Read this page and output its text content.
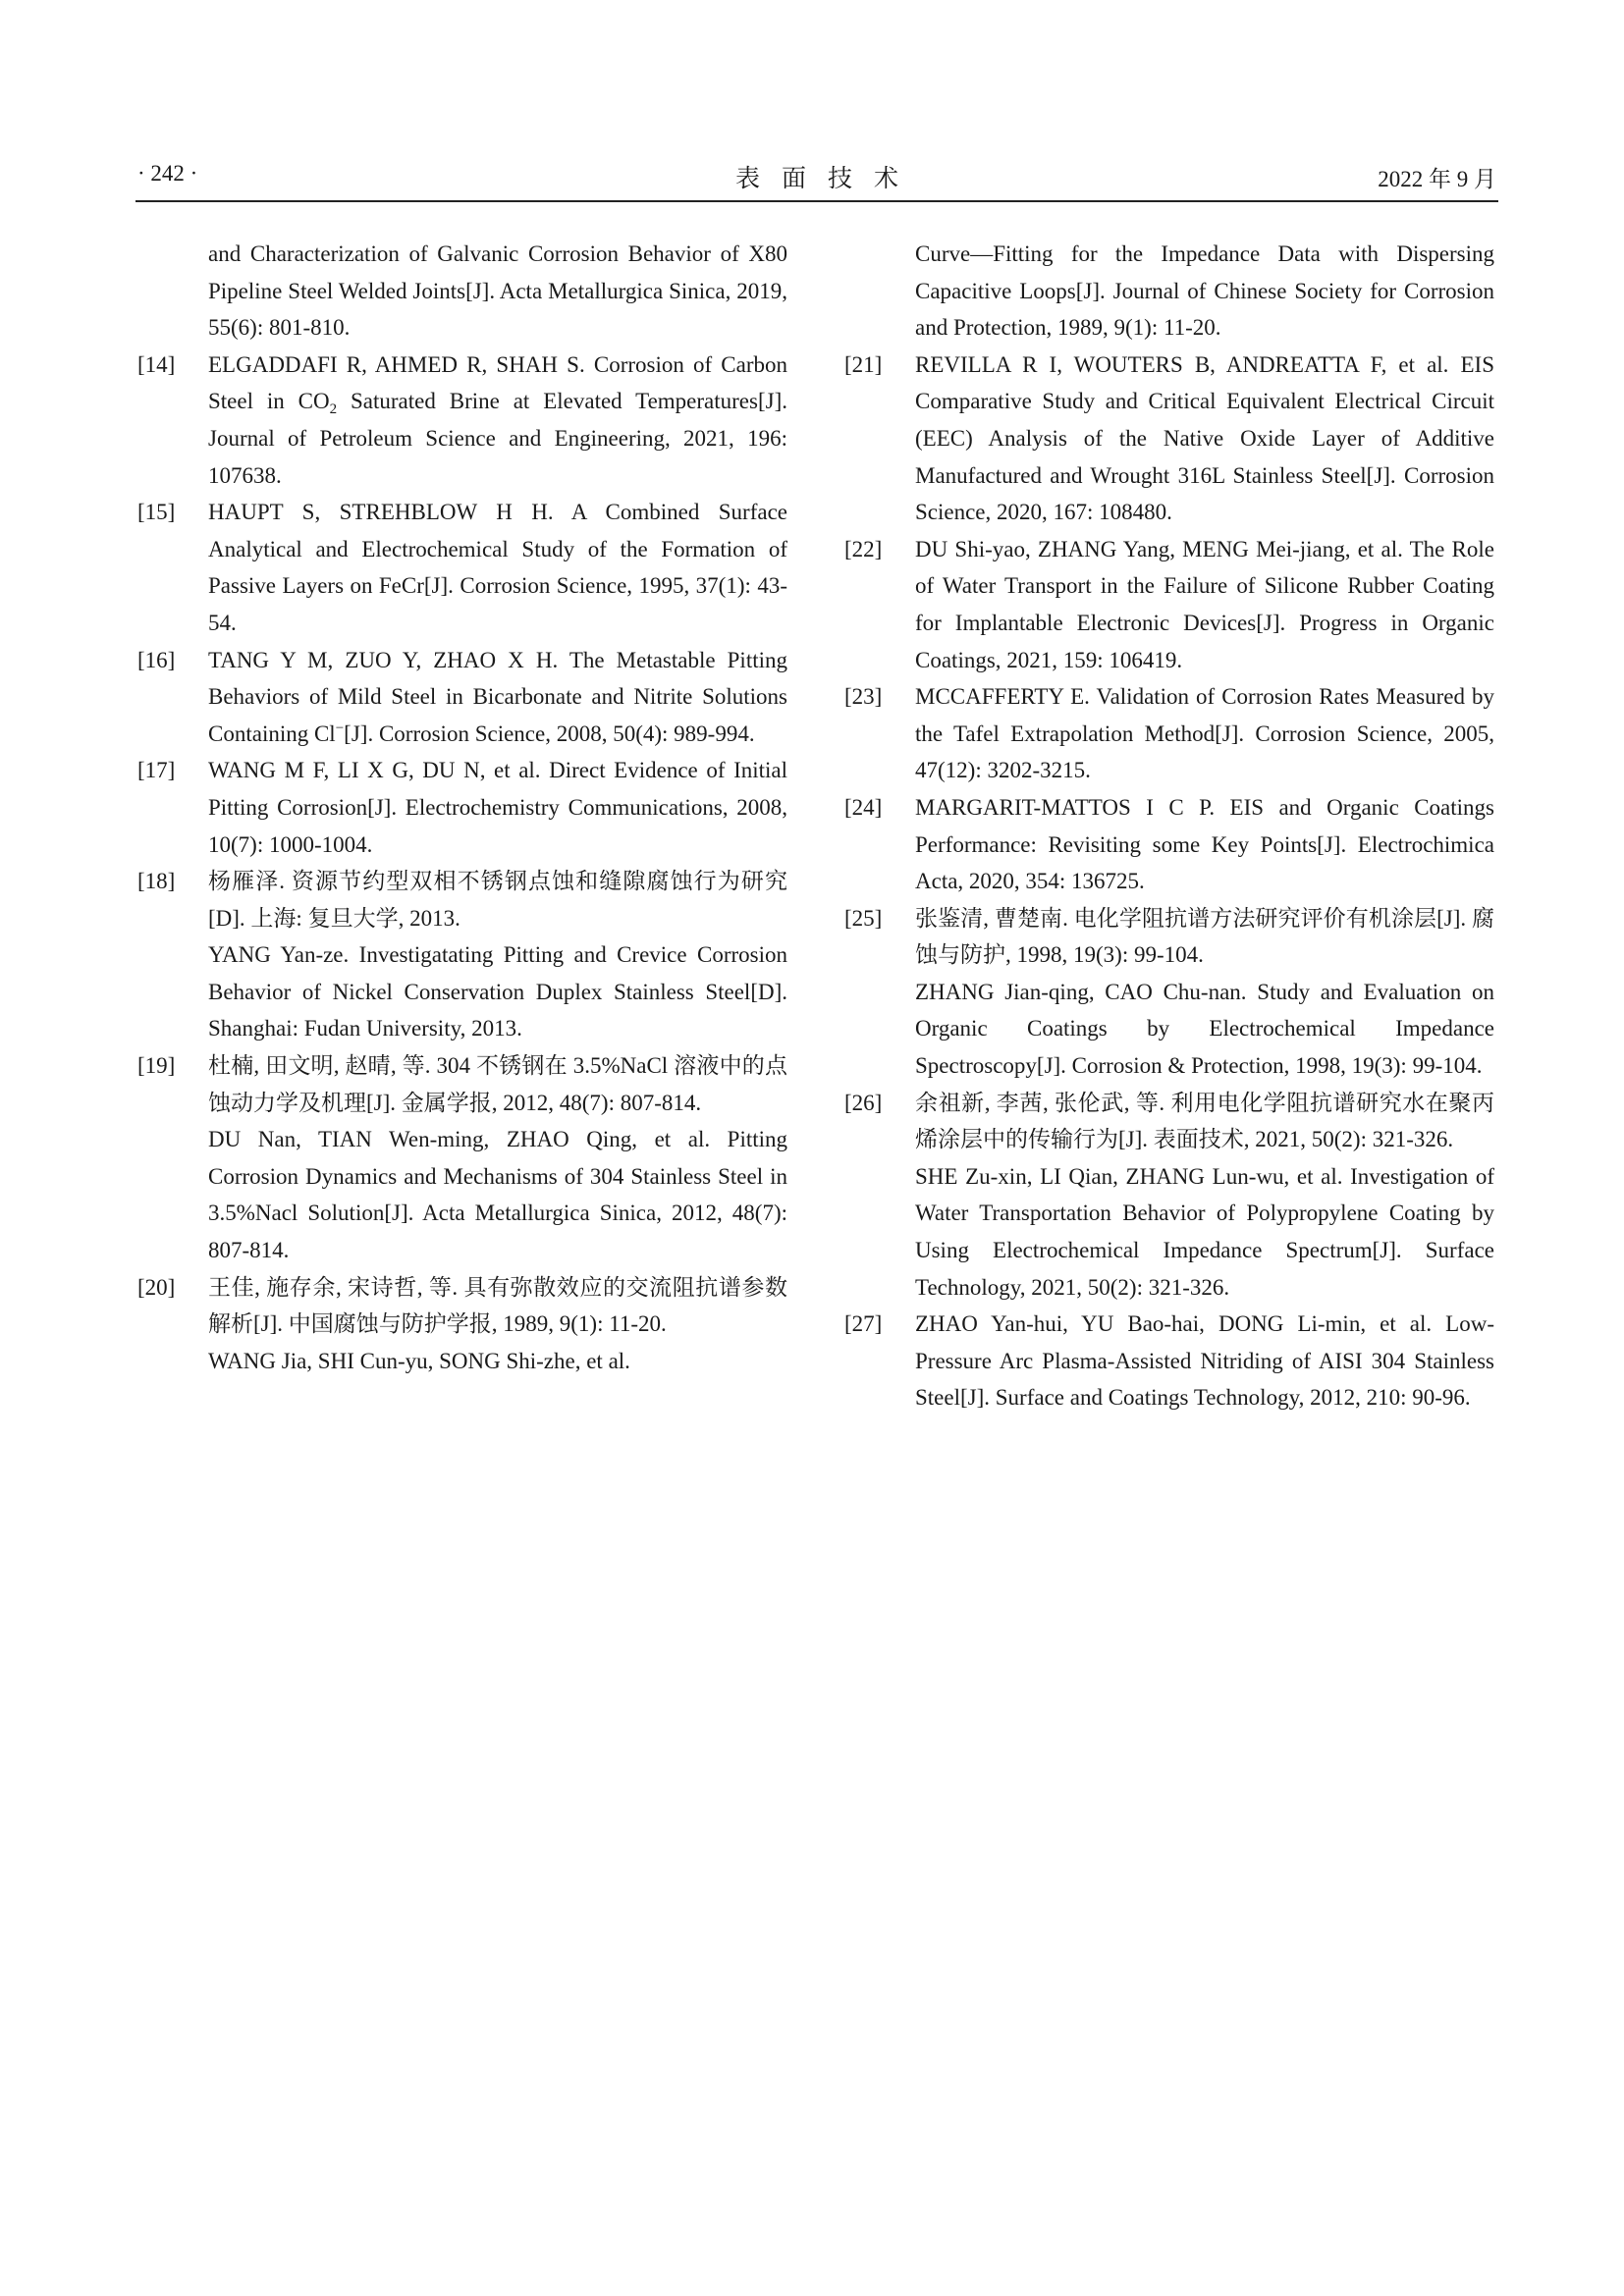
· 242 ·	表面技术	2022 年 9 月
and Characterization of Galvanic Corrosion Behavior of X80 Pipeline Steel Welded Joints[J]. Acta Metallurgica Sinica, 2019, 55(6): 801-810.
[14] ELGADDAFI R, AHMED R, SHAH S. Corrosion of Carbon Steel in $CO_2$ Saturated Brine at Elevated Temperatures[J]. Journal of Petroleum Science and Engineering, 2021, 196: 107638.
[15] HAUPT S, STREHBLOW H H. A Combined Surface Analytical and Electrochemical Study of the Formation of Passive Layers on FeCr[J]. Corrosion Science, 1995, 37(1): 43-54.
[16] TANG Y M, ZUO Y, ZHAO X H. The Metastable Pitting Behaviors of Mild Steel in Bicarbonate and Nitrite Solutions Containing Cl−[J]. Corrosion Science, 2008, 50(4): 989-994.
[17] WANG M F, LI X G, DU N, et al. Direct Evidence of Initial Pitting Corrosion[J]. Electrochemistry Communications, 2008, 10(7): 1000-1004.
[18] 杨雁泽. 资源节约型双相不锈钢点蚀和缝隙腐蚀行为研究[D]. 上海: 复旦大学, 2013.
YANG Yan-ze. Investigatating Pitting and Crevice Corrosion Behavior of Nickel Conservation Duplex Stainless Steel[D]. Shanghai: Fudan University, 2013.
[19] 杜楠, 田文明, 赵晴, 等. 304 不锈钢在 3.5%NaCl 溶液中的点蚀动力学及机理[J]. 金属学报, 2012, 48(7): 807-814.
DU Nan, TIAN Wen-ming, ZHAO Qing, et al. Pitting Corrosion Dynamics and Mechanisms of 304 Stainless Steel in 3.5%Nacl Solution[J]. Acta Metallurgica Sinica, 2012, 48(7): 807-814.
[20] 王佳, 施存余, 宋诗哲, 等. 具有弥散效应的交流阻抗谱参数解析[J]. 中国腐蚀与防护学报, 1989, 9(1): 11-20.
WANG Jia, SHI Cun-yu, SONG Shi-zhe, et al.
Curve—Fitting for the Impedance Data with Dispersing Capacitive Loops[J]. Journal of Chinese Society for Corrosion and Protection, 1989, 9(1): 11-20.
[21] REVILLA R I, WOUTERS B, ANDREATTA F, et al. EIS Comparative Study and Critical Equivalent Electrical Circuit (EEC) Analysis of the Native Oxide Layer of Additive Manufactured and Wrought 316L Stainless Steel[J]. Corrosion Science, 2020, 167: 108480.
[22] DU Shi-yao, ZHANG Yang, MENG Mei-jiang, et al. The Role of Water Transport in the Failure of Silicone Rubber Coating for Implantable Electronic Devices[J]. Progress in Organic Coatings, 2021, 159: 106419.
[23] MCCAFFERTY E. Validation of Corrosion Rates Measured by the Tafel Extrapolation Method[J]. Corrosion Science, 2005, 47(12): 3202-3215.
[24] MARGARIT-MATTOS I C P. EIS and Organic Coatings Performance: Revisiting some Key Points[J]. Electrochimica Acta, 2020, 354: 136725.
[25] 张鉴清, 曹楚南. 电化学阻抗谱方法研究评价有机涂层[J]. 腐蚀与防护, 1998, 19(3): 99-104.
ZHANG Jian-qing, CAO Chu-nan. Study and Evaluation on Organic Coatings by Electrochemical Impedance Spectroscopy[J]. Corrosion & Protection, 1998, 19(3): 99-104.
[26] 余祖新, 李茜, 张伦武, 等. 利用电化学阻抗谱研究水在聚丙烯涂层中的传输行为[J]. 表面技术, 2021, 50(2): 321-326.
SHE Zu-xin, LI Qian, ZHANG Lun-wu, et al. Investigation of Water Transportation Behavior of Polypropylene Coating by Using Electrochemical Impedance Spectrum[J]. Surface Technology, 2021, 50(2): 321-326.
[27] ZHAO Yan-hui, YU Bao-hai, DONG Li-min, et al. Low-Pressure Arc Plasma-Assisted Nitriding of AISI 304 Stainless Steel[J]. Surface and Coatings Technology, 2012, 210: 90-96.
